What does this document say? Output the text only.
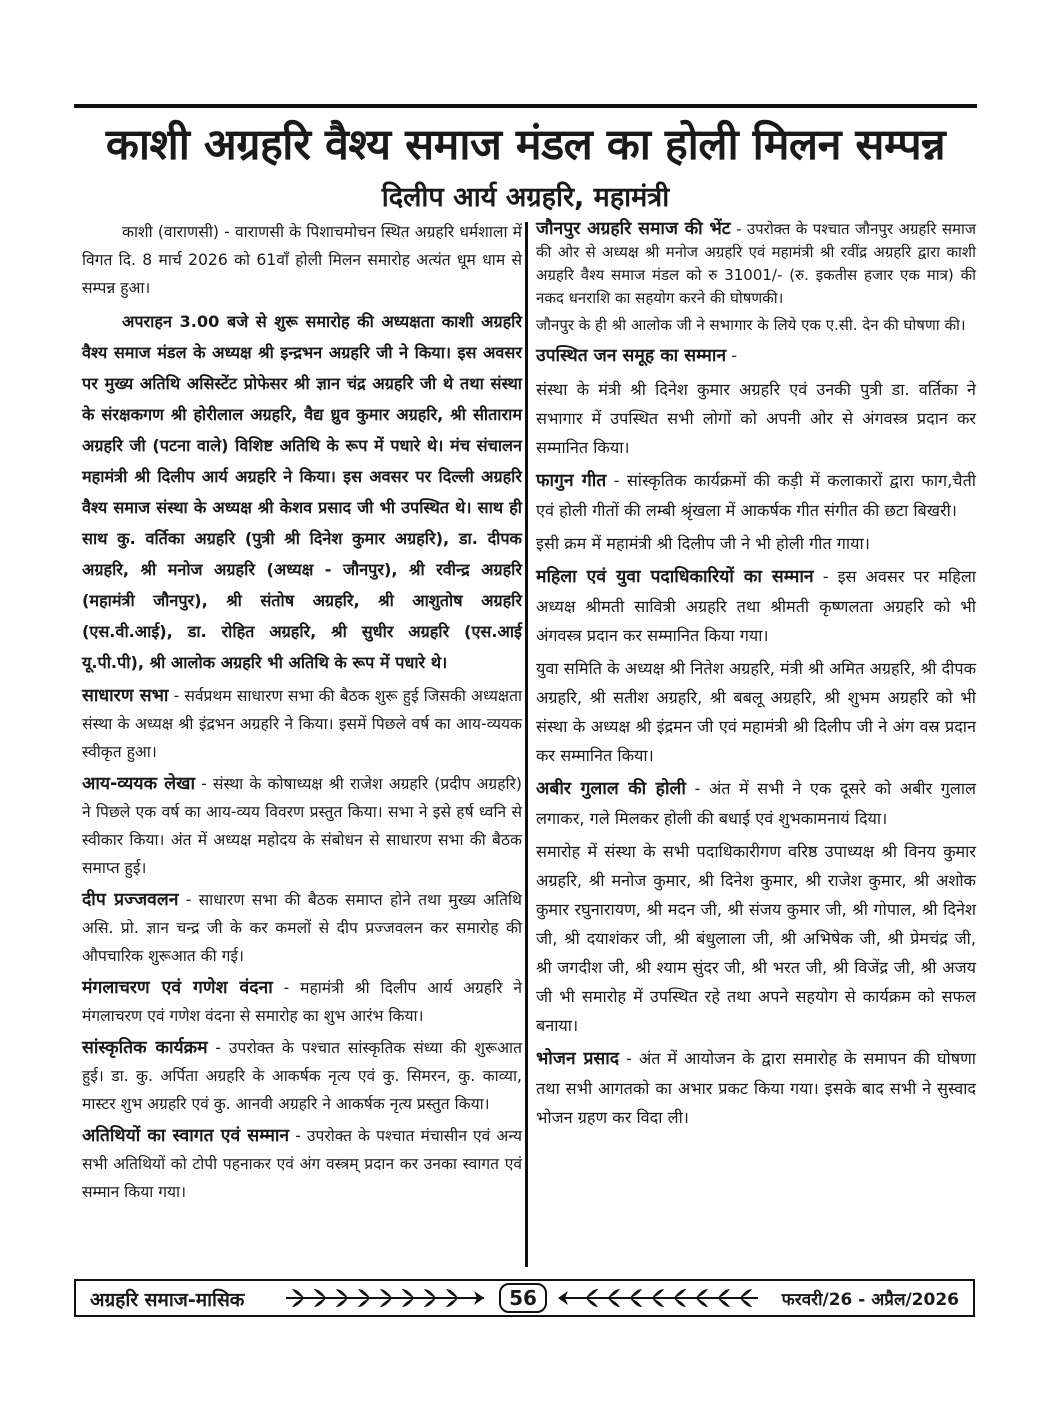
काशी अग्रहरि वैश्य समाज मंडल का होली मिलन सम्पन्न
दिलीप आर्य अग्रहरि, महामंत्री

काशी (वाराणसी) - वाराणसी के पिशाचमोचन स्थित अग्रहरि धर्मशाला में विगत दि. 8 मार्च 2026 को 61वाँ होली मिलन समारोह अत्यंत धूम धाम से सम्पन्न हुआ।

अपराहन 3.00 बजे से शुरू समारोह की अध्यक्षता काशी अग्रहरि वैश्य समाज मंडल के अध्यक्ष श्री इन्द्रभन अग्रहरि जी ने किया। इस अवसर पर मुख्य अतिथि असिस्टेंट प्रोफेसर श्री ज्ञान चंद्र अग्रहरि जी थे तथा संस्था के संरक्षकगण श्री होरीलाल अग्रहरि, वैद्य ध्रुव कुमार अग्रहरि, श्री सीताराम अग्रहरि जी (पटना वाले) विशिष्ट अतिथि के रूप में पधारे थे। मंच संचालन महामंत्री श्री दिलीप आर्य अग्रहरि ने किया। इस अवसर पर दिल्ली अग्रहरि वैश्य समाज संस्था के अध्यक्ष श्री केशव प्रसाद जी भी उपस्थित थे। साथ ही साथ कु. वर्तिका अग्रहरि (पुत्री श्री दिनेश कुमार अग्रहरि), डा. दीपक अग्रहरि, श्री मनोज अग्रहरि (अध्यक्ष - जौनपुर), श्री रवीन्द्र अग्रहरि (महामंत्री जौनपुर), श्री संतोष अग्रहरि, श्री आशुतोष अग्रहरि (एस.वी.आई), डा. रोहित अग्रहरि, श्री सुधीर अग्रहरि (एस.आई यू.पी.पी), श्री आलोक अग्रहरि भी अतिथि के रूप में पधारे थे।

साधारण सभा - सर्वप्रथम साधारण सभा की बैठक शुरू हुई जिसकी अध्यक्षता संस्था के अध्यक्ष श्री इंद्रभन अग्रहरि ने किया। इसमें पिछले वर्ष का आय-व्ययक स्वीकृत हुआ।

आय-व्ययक लेखा - संस्था के कोषाध्यक्ष श्री राजेश अग्रहरि (प्रदीप अग्रहरि) ने पिछले एक वर्ष का आय-व्यय विवरण प्रस्तुत किया। सभा ने इसे हर्ष ध्वनि से स्वीकार किया। अंत में अध्यक्ष महोदय के संबोधन से साधारण सभा की बैठक समाप्त हुई।

दीप प्रज्जवलन - साधारण सभा की बैठक समाप्त होने तथा मुख्य अतिथि असि. प्रो. ज्ञान चन्द्र जी के कर कमलों से दीप प्रज्जवलन कर समारोह की औपचारिक शुरूआत की गई।

मंगलाचरण एवं गणेश वंदना - महामंत्री श्री दिलीप आर्य अग्रहरि ने मंगलाचरण एवं गणेश वंदना से समारोह का शुभ आरंभ किया।

सांस्कृतिक कार्यक्रम - उपरोक्त के पश्चात सांस्कृतिक संध्या की शुरूआत हुई। डा. कु. अर्पिता अग्रहरि के आकर्षक नृत्य एवं कु. सिमरन, कु. काव्या, मास्टर शुभ अग्रहरि एवं कु. आनवी अग्रहरि ने आकर्षक नृत्य प्रस्तुत किया।

अतिथियों का स्वागत एवं सम्मान - उपरोक्त के पश्चात मंचासीन एवं अन्य सभी अतिथियों को टोपी पहनाकर एवं अंग वस्त्रम् प्रदान कर उनका स्वागत एवं सम्मान किया गया।

जौनपुर अग्रहरि समाज की भेंट - उपरोक्त के पश्चात जौनपुर अग्रहरि समाज की ओर से अध्यक्ष श्री मनोज अग्रहरि एवं महामंत्री श्री रवींद्र अग्रहरि द्वारा काशी अग्रहरि वैश्य समाज मंडल को रु 31001/- (रु. इकतीस हजार एक मात्र) की नकद धनराशि का सहयोग करने की घोषणकी।

जौनपुर के ही श्री आलोक जी ने सभागार के लिये एक ए.सी. देन की घोषणा की।

उपस्थित जन समूह का सम्मान -

संस्था के मंत्री श्री दिनेश कुमार अग्रहरि एवं उनकी पुत्री डा. वर्तिका ने सभागार में उपस्थित सभी लोगों को अपनी ओर से अंगवस्त्र प्रदान कर सम्मानित किया।

फागुन गीत - सांस्कृतिक कार्यक्रमों की कड़ी में कलाकारों द्वारा फाग,चैती एवं होली गीतों की लम्बी श्रृंखला में आकर्षक गीत संगीत की छटा बिखरी।

इसी क्रम में महामंत्री श्री दिलीप जी ने भी होली गीत गाया।

महिला एवं युवा पदाधिकारियों का सम्मान - इस अवसर पर महिला अध्यक्ष श्रीमती सावित्री अग्रहरि तथा श्रीमती कृष्णलता अग्रहरि को भी अंगवस्त्र प्रदान कर सम्मानित किया गया।

युवा समिति के अध्यक्ष श्री नितेश अग्रहरि, मंत्री श्री अमित अग्रहरि, श्री दीपक अग्रहरि, श्री सतीश अग्रहरि, श्री बबलू अग्रहरि, श्री शुभम अग्रहरि को भी संस्था के अध्यक्ष श्री इंद्रमन जी एवं महामंत्री श्री दिलीप जी ने अंग वस्र प्रदान कर सम्मानित किया।

अबीर गुलाल की होली - अंत में सभी ने एक दूसरे को अबीर गुलाल लगाकर, गले मिलकर होली की बधाई एवं शुभकामनायं दिया।

समारोह में संस्था के सभी पदाधिकारीगण वरिष्ठ उपाध्यक्ष श्री विनय कुमार अग्रहरि, श्री मनोज कुमार, श्री दिनेश कुमार, श्री राजेश कुमार, श्री अशोक कुमार रघुनारायण, श्री मदन जी, श्री संजय कुमार जी, श्री गोपाल, श्री दिनेश जी, श्री दयाशंकर जी, श्री बंधुलाला जी, श्री अभिषेक जी, श्री प्रेमचंद्र जी, श्री जगदीश जी, श्री श्याम सुंदर जी, श्री भरत जी, श्री विजेंद्र जी, श्री अजय जी भी समारोह में उपस्थित रहे तथा अपने सहयोग से कार्यक्रम को सफल बनाया।

भोजन प्रसाद - अंत में आयोजन के द्वारा समारोह के समापन की घोषणा तथा सभी आगतको का अभार प्रकट किया गया। इसके बाद सभी ने सुस्वाद भोजन ग्रहण कर विदा ली।

अग्रहरि समाज-मासिक	56	फरवरी/26 - अप्रैल/2026
